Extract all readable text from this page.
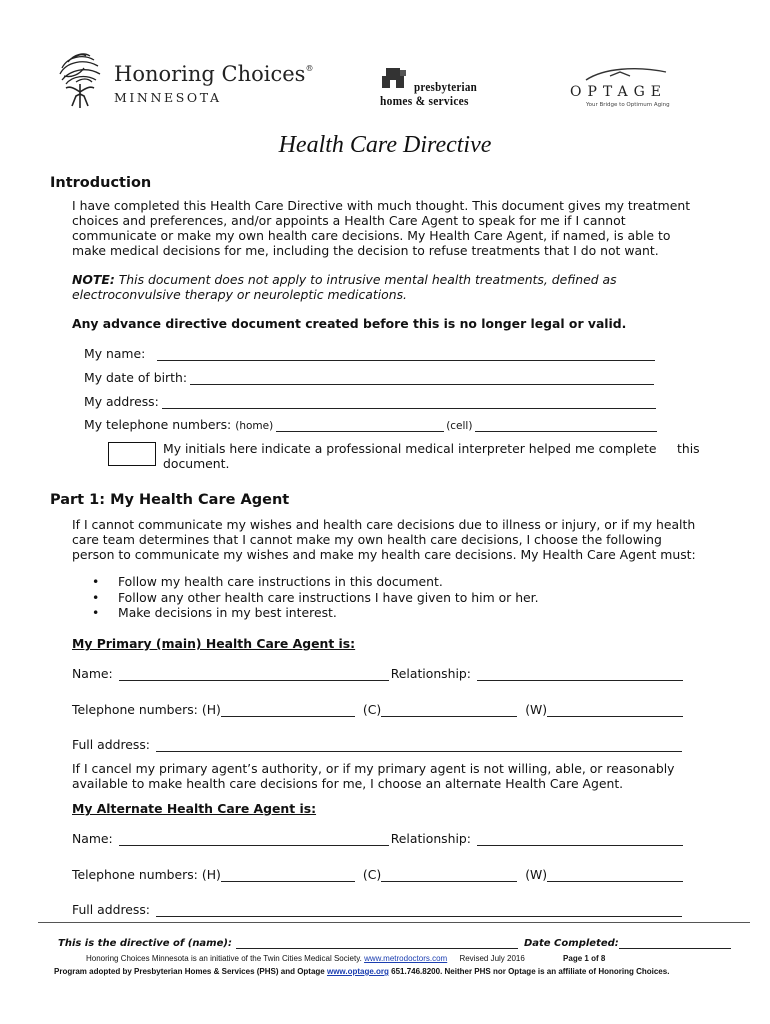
Honoring Choices®
MINNESOTA
presbyterian
homes & services
OPTAGE
Your Bridge to Optimum Aging
Health Care Directive
Introduction
I have completed this Health Care Directive with much thought. This document gives my treatment
choices and preferences, and/or appoints a Health Care Agent to speak for me if I cannot
communicate or make my own health care decisions. My Health Care Agent, if named, is able to
make medical decisions for me, including the decision to refuse treatments that I do not want.
NOTE: This document does not apply to intrusive mental health treatments, defined as
electroconvulsive therapy or neuroleptic medications.
Any advance directive document created before this is no longer legal or valid.
My name:
My date of birth:
My address:
My telephone numbers: (home)	(cell)
My initials here indicate a professional medical interpreter helped me complete this
document.
Part 1: My Health Care Agent
If I cannot communicate my wishes and health care decisions due to illness or injury, or if my health
care team determines that I cannot make my own health care decisions, I choose the following
person to communicate my wishes and make my health care decisions. My Health Care Agent must:
• Follow my health care instructions in this document.
• Follow any other health care instructions I have given to him or her.
• Make decisions in my best interest.
My Primary (main) Health Care Agent is:
Name:	Relationship:
Telephone numbers: (H)	(C)	(W)
Full address:
If I cancel my primary agent’s authority, or if my primary agent is not willing, able, or reasonably
available to make health care decisions for me, I choose an alternate Health Care Agent.
My Alternate Health Care Agent is:
Name:	Relationship:
Telephone numbers: (H)	(C)	(W)
Full address:
This is the directive of (name):	Date Completed:
Honoring Choices Minnesota is an initiative of the Twin Cities Medical Society. www.metrodoctors.com Revised July 2016	Page 1 of 8
Program adopted by Presbyterian Homes & Services (PHS) and Optage www.optage.org 651.746.8200. Neither PHS nor Optage is an affiliate of Honoring Choices.
